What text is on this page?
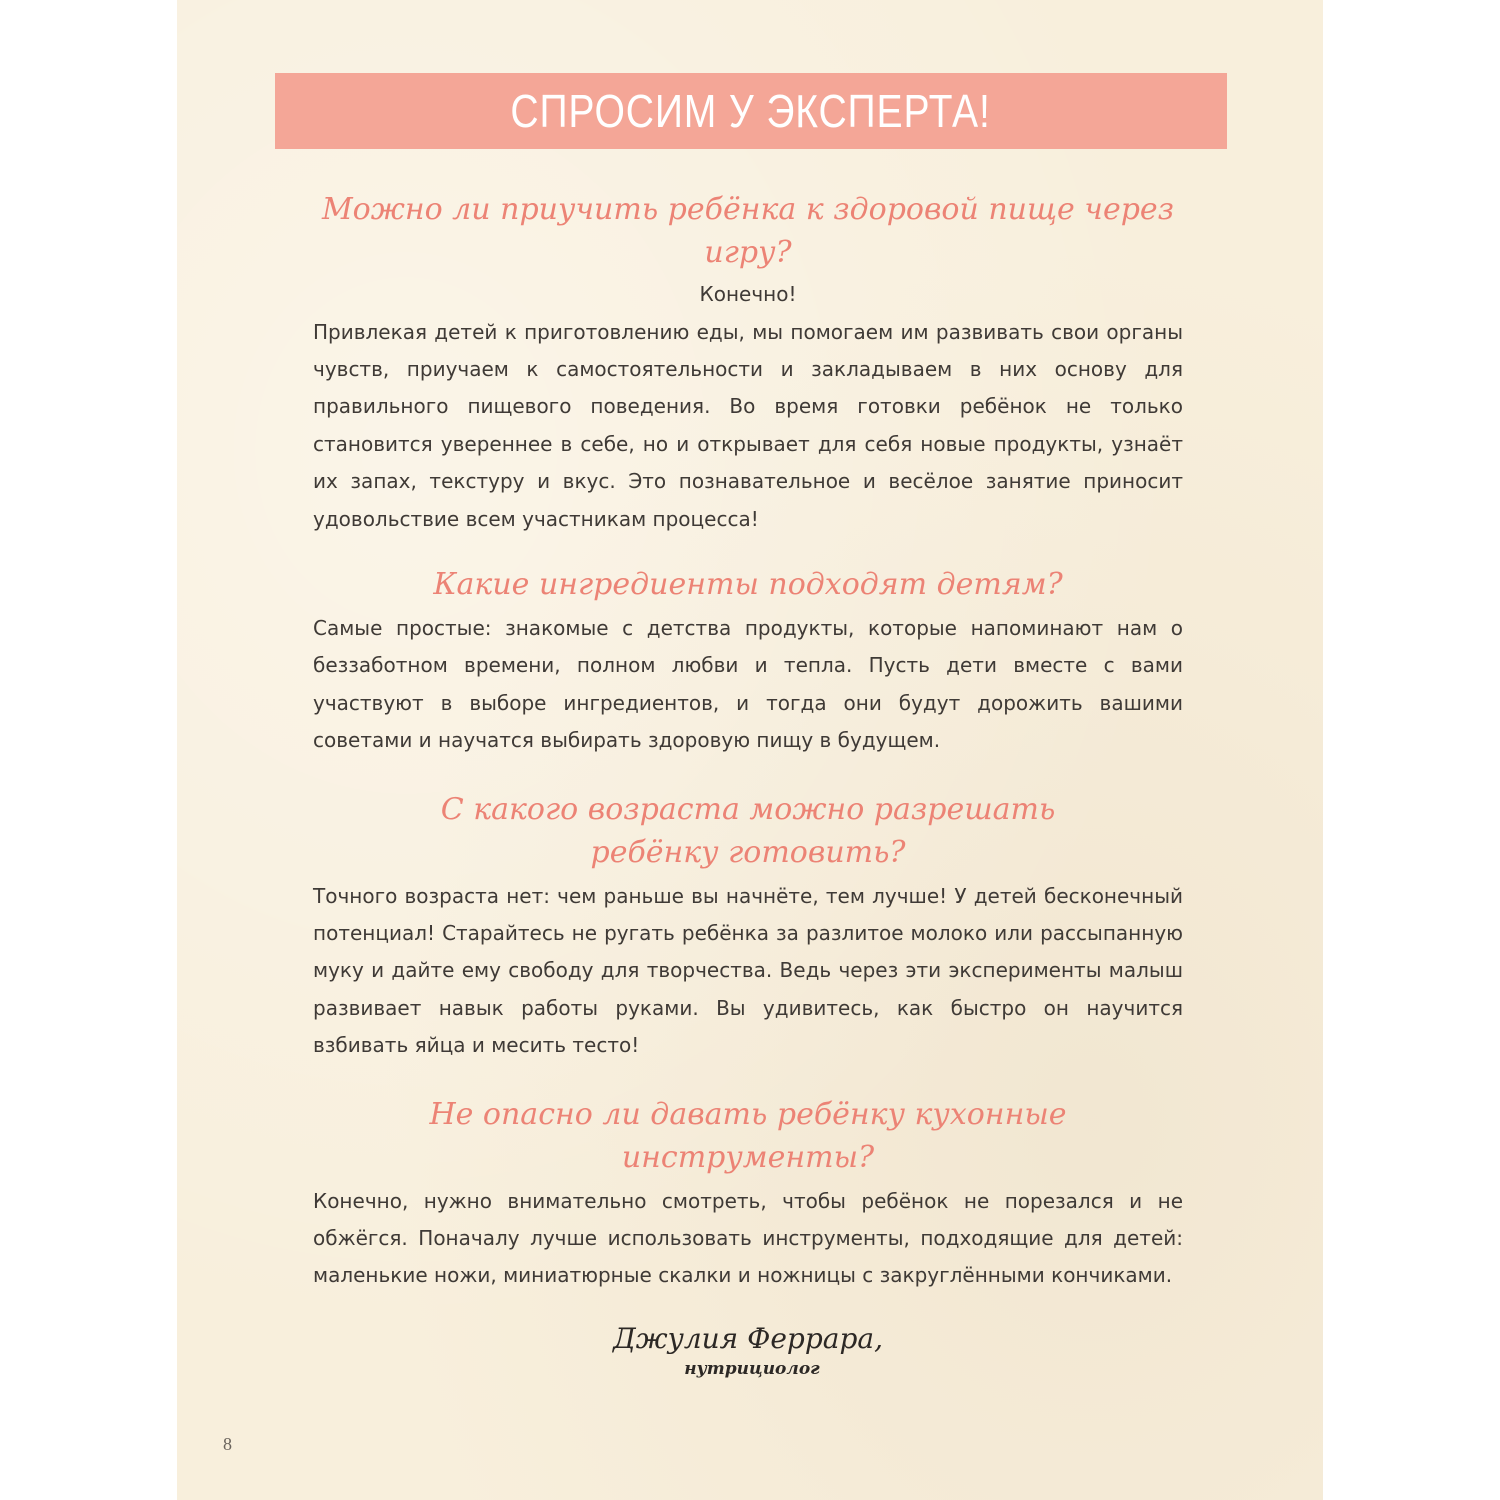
СПРОСИМ У ЭКСПЕРТА!

Можно ли приучить ребёнка к здоровой пище через игру?

Конечно!

Привлекая детей к приготовлению еды, мы помогаем им развивать свои органы чувств, приучаем к самостоятельности и закладываем в них основу для правильного пищевого поведения. Во время готовки ребёнок не только становится увереннее в себе, но и открывает для себя новые продукты, узнаёт их запах, текстуру и вкус. Это познавательное и весёлое занятие приносит удовольствие всем участникам процесса!

Какие ингредиенты подходят детям?

Самые простые: знакомые с детства продукты, которые напоминают нам о беззаботном времени, полном любви и тепла. Пусть дети вместе с вами участвуют в выборе ингредиентов, и тогда они будут дорожить вашими советами и научатся выбирать здоровую пищу в будущем.

С какого возраста можно разрешать ребёнку готовить?

Точного возраста нет: чем раньше вы начнёте, тем лучше! У детей бесконечный потенциал! Старайтесь не ругать ребёнка за разлитое молоко или рассыпанную муку и дайте ему свободу для творчества. Ведь через эти эксперименты малыш развивает навык работы руками. Вы удивитесь, как быстро он научится взбивать яйца и месить тесто!

Не опасно ли давать ребёнку кухонные инструменты?

Конечно, нужно внимательно смотреть, чтобы ребёнок не порезался и не обжёгся. Поначалу лучше использовать инструменты, подходящие для детей: маленькие ножи, миниатюрные скалки и ножницы с закруглёнными кончиками.

Джулия Феррара,
нутрициолог
8
